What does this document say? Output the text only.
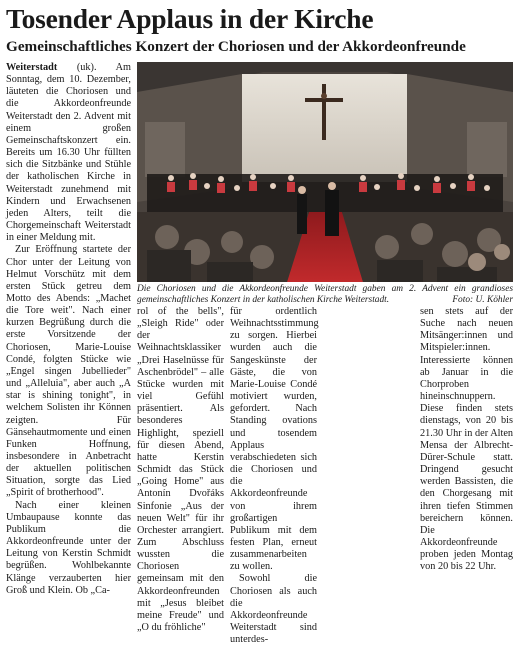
Tosender Applaus in der Kirche
Gemeinschaftliches Konzert der Choriosen und der Akkordeonfreunde

Weiterstadt (uk). Am Sonntag, dem 10. Dezember, läuteten die Choriosen und die Akkordeonfreunde Weiterstadt den 2. Advent mit einem großen Gemeinschaftskonzert ein. Bereits um 16.30 Uhr füllten sich die Sitzbänke und Stühle der katholischen Kirche in Weiterstadt zunehmend mit Kindern und Erwachsenen jeden Alters, teilt die Chorgemeinschaft Weiterstadt in einer Meldung mit.

Zur Eröffnung startete der Chor unter der Leitung von Helmut Vorschütz mit dem ersten Stück getreu dem Motto des Abends: „Machet die Tore weit". Nach einer kurzen Begrüßung durch die erste Vorsitzende der Choriosen, Marie-Louise Condé, folgten Stücke wie „Engel singen Jubellieder" und „Alleluia", aber auch „A star is shining tonight", in welchem Solisten ihr Können zeigten. Für Gänsehautmomente und einen Funken Hoffnung, insbesondere in Anbetracht der aktuellen politischen Situation, sorgte das Lied „Spirit of brotherhood".

Nach einer kleinen Umbaupause konnte das Publikum die Akkordeonfreunde unter der Leitung von Kerstin Schmidt begrüßen. Wohlbekannte Klänge verzauberten hier Groß und Klein. Ob „Ca-

Die Choriosen und die Akkordeonfreunde Weiterstadt gaben am 2. Advent ein grandioses gemeinschaftliches Konzert in der katholischen Kirche Weiterstadt.	Foto: U. Köhler

rol of the bells", „Sleigh Ride" oder der Weihnachtsklassiker „Drei Haselnüsse für Aschenbrödel" – alle Stücke wurden mit viel Gefühl präsentiert. Als besonderes Highlight, speziell für diesen Abend, hatte Kerstin Schmidt das Stück „Going Home" aus Antonín Dvořáks Sinfonie „Aus der neuen Welt" für ihr Orchester arrangiert. Zum Abschluss wussten die Choriosen gemeinsam mit den Akkordeonfreunden mit „Jesus bleibet meine Freude" und „O du fröhliche"

für ordentlich Weihnachtsstimmung zu sorgen. Hierbei wurden auch die Sangeskünste der Gäste, die von Marie-Louise Condé motiviert wurden, gefordert. Nach Standing ovations und tosendem Applaus verabschiedeten sich die Choriosen und die Akkordeonfreunde von ihrem großartigen Publikum mit dem festen Plan, erneut zusammenarbeiten zu wollen.

Sowohl die Choriosen als auch die Akkordeonfreunde Weiterstadt sind unterdes-

sen stets auf der Suche nach neuen Mitsänger:innen und Mitspieler:innen. Interessierte können ab Januar in die Chorproben hineinschnuppern. Diese finden stets dienstags, von 20 bis 21.30 Uhr in der Alten Mensa der Albrecht-Dürer-Schule statt. Dringend gesucht werden Bassisten, die den Chorgesang mit ihren tiefen Stimmen bereichern können. Die Akkordeonfreunde proben jeden Montag von 20 bis 22 Uhr.
